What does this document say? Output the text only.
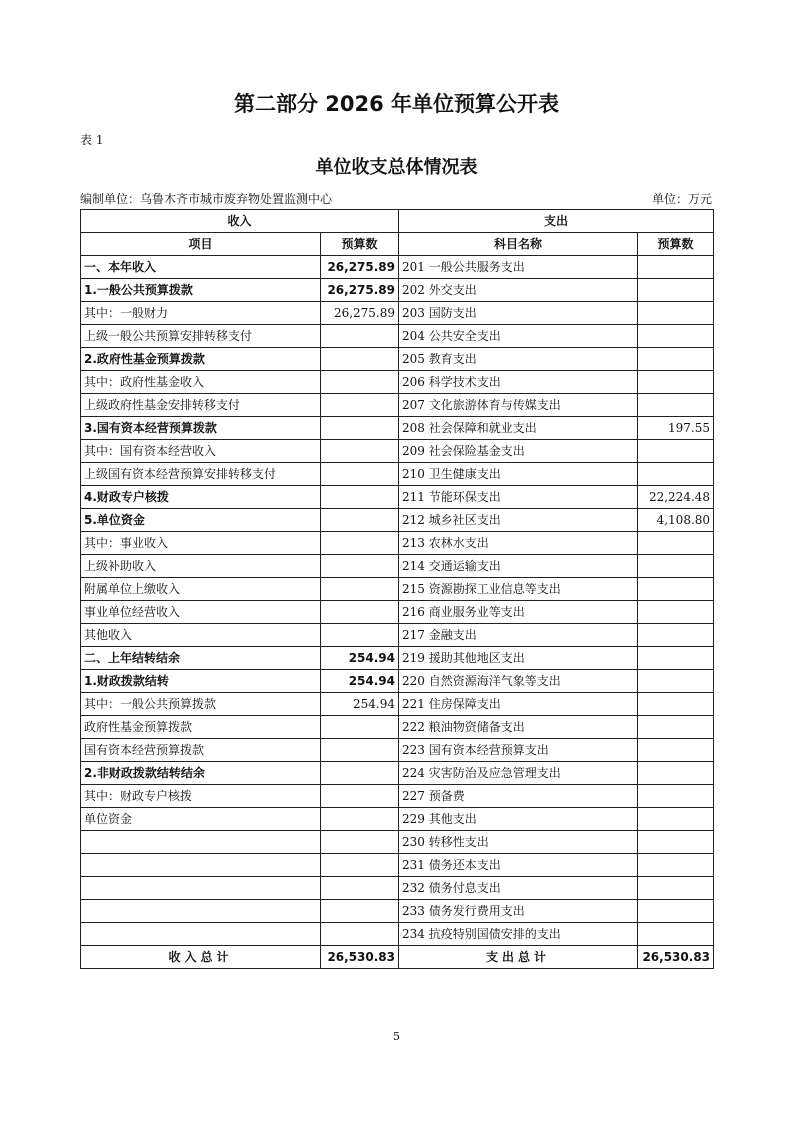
第二部分 2026 年单位预算公开表
表 1
单位收支总体情况表
编制单位：乌鲁木齐市城市废弃物处置监测中心	单位：万元
收入		支出	
项目	预算数	科目名称	预算数
一、本年收入	26,275.89	201 一般公共服务支出	
1.一般公共预算拨款	26,275.89	202 外交支出	
其中：一般财力	26,275.89	203 国防支出	
上级一般公共预算安排转移支付		204 公共安全支出	
2.政府性基金预算拨款		205 教育支出	
其中：政府性基金收入		206 科学技术支出	
上级政府性基金安排转移支付		207 文化旅游体育与传媒支出	
3.国有资本经营预算拨款		208 社会保障和就业支出	197.55
其中：国有资本经营收入		209 社会保险基金支出	
上级国有资本经营预算安排转移支付		210 卫生健康支出	
4.财政专户核拨		211 节能环保支出	22,224.48
5.单位资金		212 城乡社区支出	4,108.80
其中：事业收入		213 农林水支出	
上级补助收入		214 交通运输支出	
附属单位上缴收入		215 资源勘探工业信息等支出	
事业单位经营收入		216 商业服务业等支出	
其他收入		217 金融支出	
二、上年结转结余	254.94	219 援助其他地区支出	
1.财政拨款结转	254.94	220 自然资源海洋气象等支出	
其中：一般公共预算拨款	254.94	221 住房保障支出	
政府性基金预算拨款		222 粮油物资储备支出	
国有资本经营预算拨款		223 国有资本经营预算支出	
2.非财政拨款结转结余		224 灾害防治及应急管理支出	
其中：财政专户核拨		227 预备费	
单位资金		229 其他支出	
		230 转移性支出	
		231 债务还本支出	
		232 债务付息支出	
		233 债务发行费用支出	
		234 抗疫特别国债安排的支出	
收入总计	26,530.83	支出总计	26,530.83
5
